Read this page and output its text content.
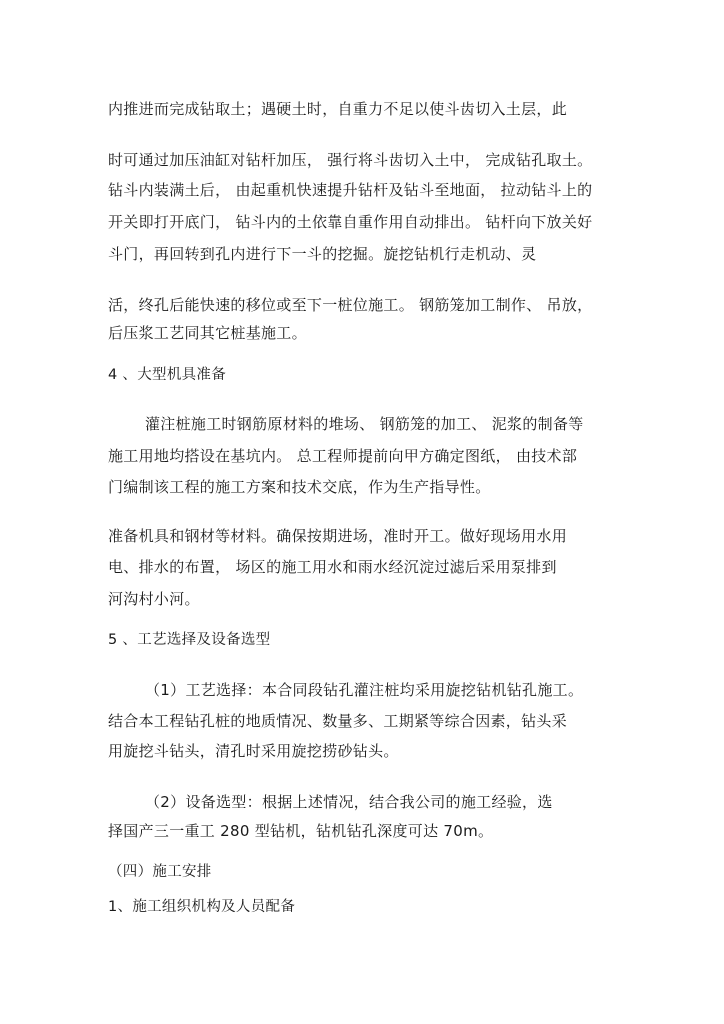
内推进而完成钻取土；遇硬土时，自重力不足以使斗齿切入土层，此
时可通过加压油缸对钻杆加压， 强行将斗齿切入土中， 完成钻孔取土。
钻斗内装满土后， 由起重机快速提升钻杆及钻斗至地面， 拉动钻斗上的
开关即打开底门， 钻斗内的土依靠自重作用自动排出。 钻杆向下放关好
斗门，再回转到孔内进行下一斗的挖掘。旋挖钻机行走机动、灵
活，终孔后能快速的移位或至下一桩位施工。 钢筋笼加工制作、 吊放，
后压浆工艺同其它桩基施工。
4 、大型机具准备
灌注桩施工时钢筋原材料的堆场、 钢筋笼的加工、 泥浆的制备等
施工用地均搭设在基坑内。 总工程师提前向甲方确定图纸， 由技术部
门编制该工程的施工方案和技术交底，作为生产指导性。
准备机具和钢材等材料。确保按期进场，准时开工。做好现场用水用
电、排水的布置， 场区的施工用水和雨水经沉淀过滤后采用泵排到
河沟村小河。
5 、工艺选择及设备选型
（1）工艺选择：本合同段钻孔灌注桩均采用旋挖钻机钻孔施工。
结合本工程钻孔桩的地质情况、数量多、工期紧等综合因素，钻头采
用旋挖斗钻头，清孔时采用旋挖捞砂钻头。
（2）设备选型：根据上述情况，结合我公司的施工经验，选
择国产三一重工 280 型钻机，钻机钻孔深度可达 70m。
（四）施工安排
1、施工组织机构及人员配备
